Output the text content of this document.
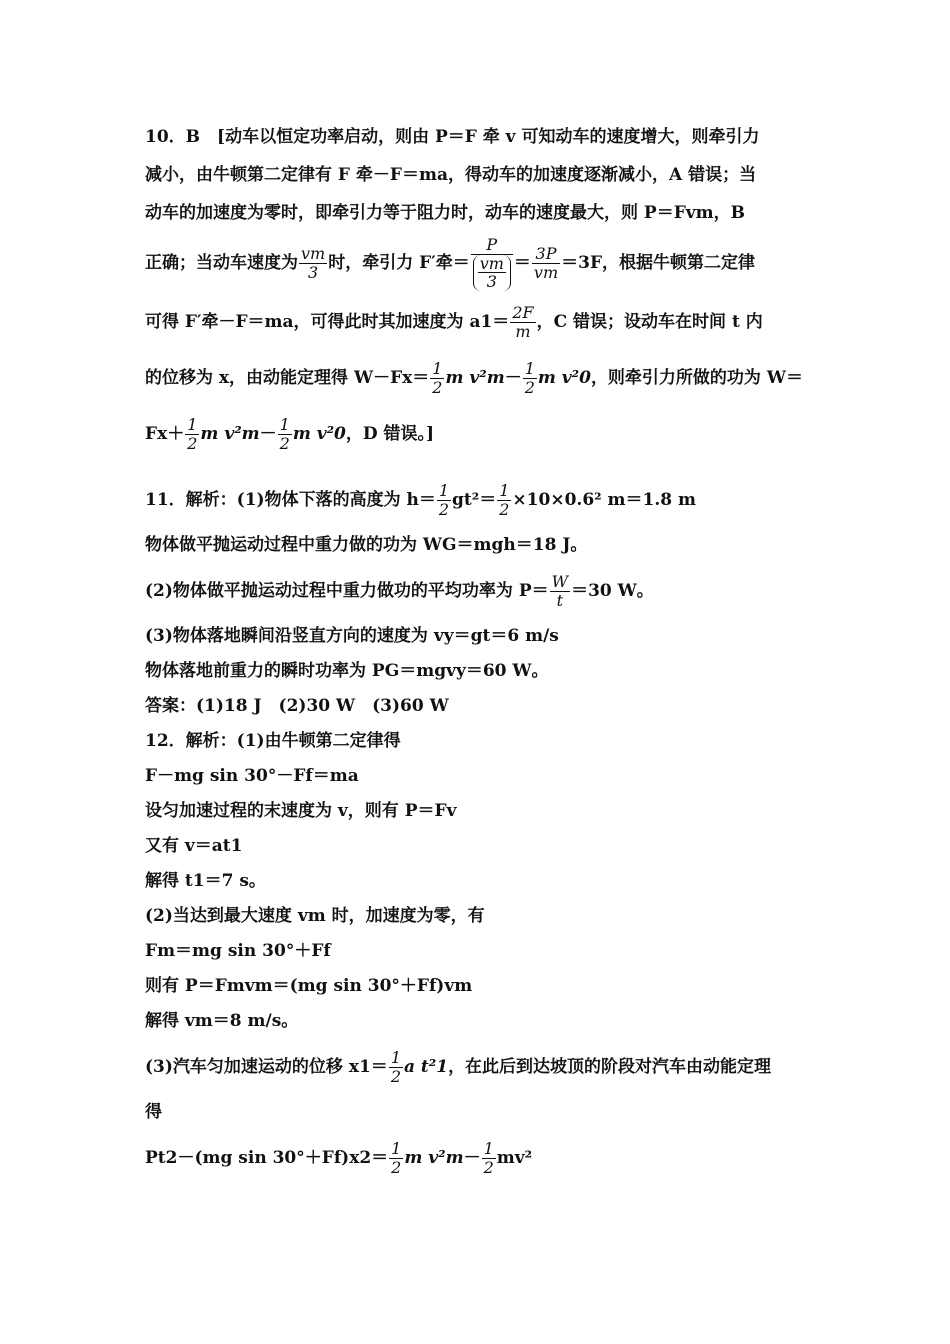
10．B　[动车以恒定功率启动，则由 P＝F 牵 v 可知动车的速度增大，则牵引力
减小，由牛顿第二定律有 F 牵－F＝ma，得动车的加速度逐渐减小，A 错误；当
动车的加速度为零时，即牵引力等于阻力时，动车的速度最大，则 P＝Fvm，B
正确；当动车速度为 $\frac{vm}{3}$ 时，牵引力 F′牵＝ $\frac{P}{\frac{vm}{3}} = \frac{3P}{vm} =3F$，根据牛顿第二定律
可得 F′牵－F＝ma，可得此时其加速度为 $a1= \frac{2F}{m}$ ，C 错误；设动车在时间 t 内
的位移为 x，由动能定理得 $W-Fx= \frac{1}{2}$ m $v^2m- \frac{1}{2}$ m v²0，则牵引力所做的功为 W＝
$Fx+ \frac{1}{2}$ m $v^2m- \frac{1}{2}$ m v²0，D 错误。]
11．解析：(1)物体下落的高度为 $h= \frac{1}{2} gt^2= \frac{1}{2} \times 10\times 0.6^2$ m＝1.8 m
物体做平抛运动过程中重力做的功为 WG＝mgh＝18 J。
(2)物体做平抛运动过程中重力做功的平均功率为 $P= \frac{W}{t} =30$ W。
(3)物体落地瞬间沿竖直方向的速度为 vy＝gt＝6 m/s
物体落地前重力的瞬时功率为 PG＝mgvy＝60 W。
答案：(1)18 J　(2)30 W　(3)60 W
12．解析：(1)由牛顿第二定律得
F－mg sin 30°－Ff＝ma
设匀加速过程的末速度为 v，则有 P＝Fv
又有 v＝at1
解得 t1＝7 s。
(2)当达到最大速度 vm 时，加速度为零，有
Fm＝mg sin 30°＋Ff
则有 P＝Fmvm＝(mg sin 30°＋Ff)vm
解得 vm＝8 m/s。
(3)汽车匀加速运动的位移 $x1= \frac{1}{2}$ a t²1，在此后到达坡顶的阶段对汽车由动能定理
得
Pt2－(mg $\sin 30^\circ+Ff)x2= \frac{1}{2}$ m $v^2m- \frac{1}{2} mv^2$
